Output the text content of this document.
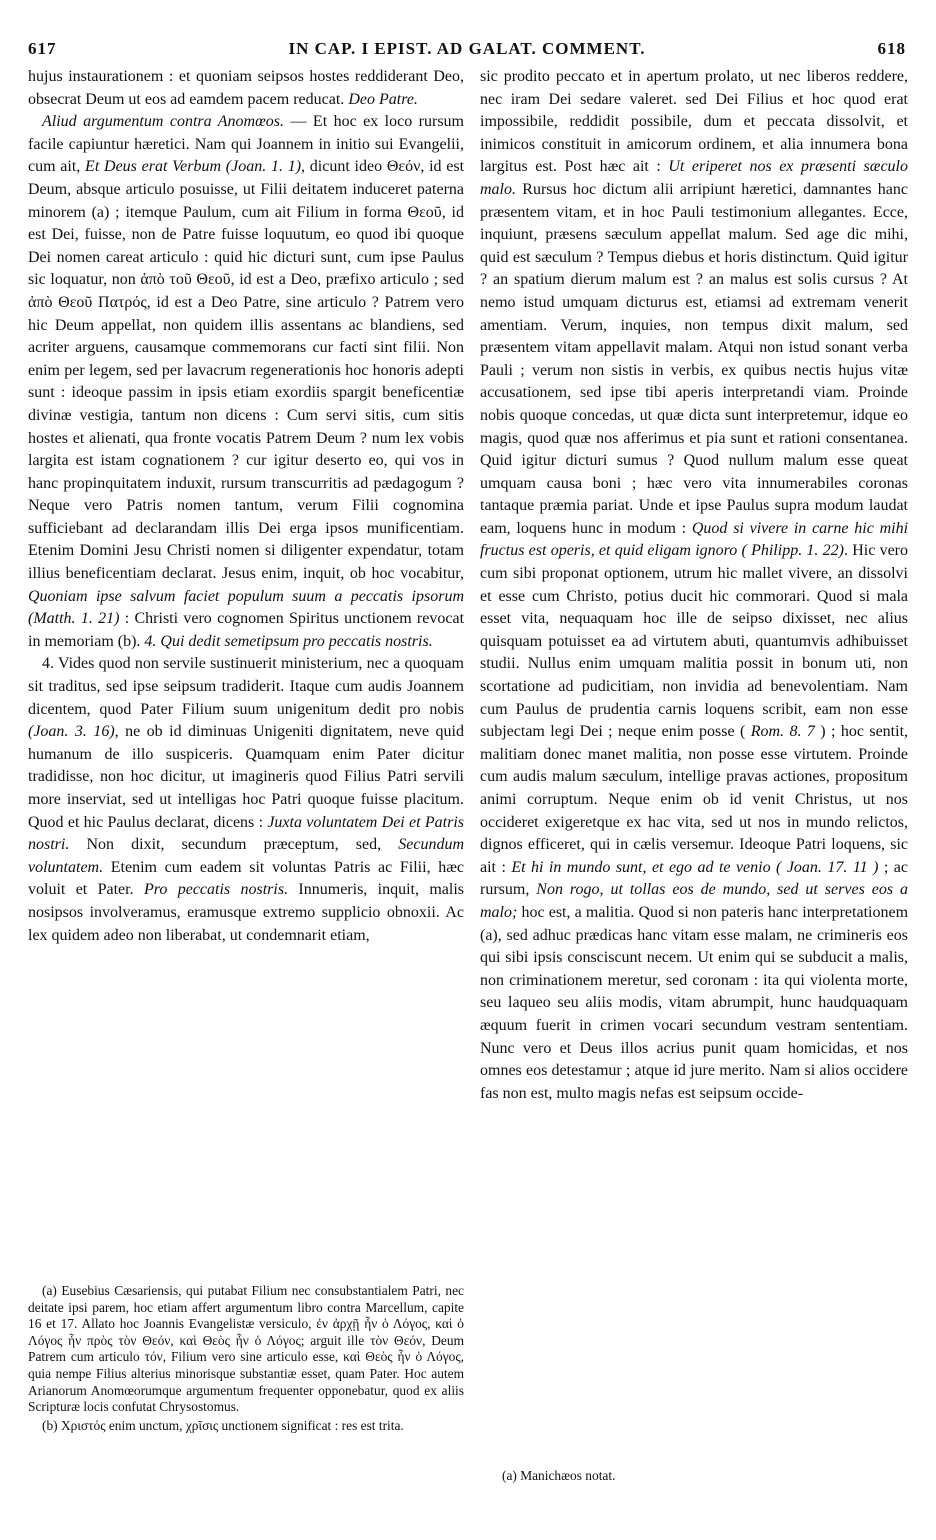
617	IN CAP. I EPIST. AD GALAT. COMMENT.	618

hujus instaurationem : et quoniam seipsos hostes reddiderant Deo, obsecrat Deum ut eos ad eamdem pacem reducat. Deo Patre.

Aliud argumentum contra Anomœos. — Et hoc ex loco rursum facile capiuntur hæretici. Nam qui Joannem in initio sui Evangelii, cum ait, Et Deus erat Verbum (Joan. 1. 1), dicunt ideo Θεόν, id est Deum, absque articulo posuisse, ut Filii deitatem induceret paterna minorem (a) ; itemque Paulum, cum ait Filium in forma Θεοῦ, id est Dei, fuisse, non de Patre fuisse loquutum, eo quod ibi quoque Dei nomen careat articulo : quid hic dicturi sunt, cum ipse Paulus sic loquatur, non ἀπὸ τοῦ Θεοῦ, id est a Deo, præfixo articulo ; sed ἀπὸ Θεοῦ Πατρός, id est a Deo Patre, sine articulo ? Patrem vero hic Deum appellat, non quidem illis assentans ac blandiens, sed acriter arguens, causamque commemorans cur facti sint filii. Non enim per legem, sed per lavacrum regenerationis hoc honoris adepti sunt : ideoque passim in ipsis etiam exordiis spargit beneficentiæ divinæ vestigia, tantum non dicens : Cum servi sitis, cum sitis hostes et alienati, qua fronte vocatis Patrem Deum ? num lex vobis largita est istam cognationem ? cur igitur deserto eo, qui vos in hanc propinquitatem induxit, rursum transcurritis ad pædagogum ? Neque vero Patris nomen tantum, verum Filii cognomina sufficiebant ad declarandam illis Dei erga ipsos munificentiam. Etenim Domini Jesu Christi nomen si diligenter expendatur, totam illius beneficentiam declarat. Jesus enim, inquit, ob hoc vocabitur, Quoniam ipse salvum faciet populum suum a peccatis ipsorum (Matth. 1. 21) : Christi vero cognomen Spiritus unctionem revocat in memoriam (b). 4. Qui dedit semetipsum pro peccatis nostris.

4. Vides quod non servile sustinuerit ministerium, nec a quoquam sit traditus, sed ipse seipsum tradiderit. Itaque cum audis Joannem dicentem, quod Pater Filium suum unigenitum dedit pro nobis (Joan. 3. 16), ne ob id diminuas Unigeniti dignitatem, neve quid humanum de illo suspiceris. Quamquam enim Pater dicitur tradidisse, non hoc dicitur, ut imagineris quod Filius Patri servili more inserviat, sed ut intelligas hoc Patri quoque fuisse placitum. Quod et hic Paulus declarat, dicens : Juxta voluntatem Dei et Patris nostri. Non dixit, secundum præceptum, sed, Secundum voluntatem. Etenim cum eadem sit voluntas Patris ac Filii, hæc voluit et Pater. Pro peccatis nostris. Innumeris, inquit, malis nosipsos involveramus, eramusque extremo supplicio obnoxii. Ac lex quidem adeo non liberabat, ut condemnarit etiam,

(a) Eusebius Cæsariensis, qui putabat Filium nec consubstantialem Patri, nec deitate ipsi parem, hoc etiam affert argumentum libro contra Marcellum, capite 16 et 17. Allato hoc Joannis Evangelistæ versiculo, ἐν ἀρχῇ ἦν ὁ Λόγος, καὶ ὁ Λόγος ἦν πρὸς τὸν Θεόν, καὶ Θεὸς ἦν ὁ Λόγος; arguit ille τὸν Θεόν, Deum Patrem cum articulo τόν, Filium vero sine articulo esse, καὶ Θεὸς ἦν ὁ Λόγος, quia nempe Filius alterius minorisque substantiæ esset, quam Pater. Hoc autem Arianorum Anomœorumque argumentum frequenter opponebatur, quod ex aliis Scripturæ locis confutat Chrysostomus.

(b) Χριστός enim unctum, χρῖσις unctionem significat : res est trita.

sic prodito peccato et in apertum prolato, ut nec liberos reddere, nec iram Dei sedare valeret. sed Dei Filius et hoc quod erat impossibile, reddidit possibile, dum et peccata dissolvit, et inimicos constituit in amicorum ordinem, et alia innumera bona largitus est. Post hæc ait : Ut eriperet nos ex præsenti sæculo malo. Rursus hoc dictum alii arripiunt hæretici, damnantes hanc præsentem vitam, et in hoc Pauli testimonium allegantes. Ecce, inquiunt, præsens sæculum appellat malum. Sed age dic mihi, quid est sæculum ? Tempus diebus et horis distinctum. Quid igitur ? an spatium dierum malum est ? an malus est solis cursus ? At nemo istud umquam dicturus est, etiamsi ad extremam venerit amentiam. Verum, inquies, non tempus dixit malum, sed præsentem vitam appellavit malam. Atqui non istud sonant verba Pauli ; verum non sistis in verbis, ex quibus nectis hujus vitæ accusationem, sed ipse tibi aperis interpretandi viam. Proinde nobis quoque concedas, ut quæ dicta sunt interpretemur, idque eo magis, quod quæ nos afferimus et pia sunt et rationi consentanea. Quid igitur dicturi sumus ? Quod nullum malum esse queat umquam causa boni ; hæc vero vita innumerabiles coronas tantaque præmia pariat. Unde et ipse Paulus supra modum laudat eam, loquens hunc in modum : Quod si vivere in carne hic mihi fructus est operis, et quid eligam ignoro ( Philipp. 1. 22). Hic vero cum sibi proponat optionem, utrum hic mallet vivere, an dissolvi et esse cum Christo, potius ducit hic commorari. Quod si mala esset vita, nequaquam hoc ille de seipso dixisset, nec alius quisquam potuisset ea ad virtutem abuti, quantumvis adhibuisset studii. Nullus enim umquam malitia possit in bonum uti, non scortatione ad pudicitiam, non invidia ad benevolentiam. Nam cum Paulus de prudentia carnis loquens scribit, eam non esse subjectam legi Dei ; neque enim posse ( Rom. 8. 7 ) ; hoc sentit, malitiam donec manet malitia, non posse esse virtutem. Proinde cum audis malum sæculum, intellige pravas actiones, propositum animi corruptum. Neque enim ob id venit Christus, ut nos occideret exigeretque ex hac vita, sed ut nos in mundo relictos, dignos efficeret, qui in cælis versemur. Ideoque Patri loquens, sic ait : Et hi in mundo sunt, et ego ad te venio ( Joan. 17. 11 ) ; ac rursum, Non rogo, ut tollas eos de mundo, sed ut serves eos a malo; hoc est, a malitia. Quod si non pateris hanc interpretationem (a), sed adhuc prædicas hanc vitam esse malam, ne crimineris eos qui sibi ipsis consciscunt necem. Ut enim qui se subducit a malis, non criminationem meretur, sed coronam : ita qui violenta morte, seu laqueo seu aliis modis, vitam abrumpit, hunc haudquaquam æquum fuerit in crimen vocari secundum vestram sententiam. Nunc vero et Deus illos acrius punit quam homicidas, et nos omnes eos detestamur ; atque id jure merito. Nam si alios occidere fas non est, multo magis nefas est seipsum occide-

(a) Manichæos notat.
